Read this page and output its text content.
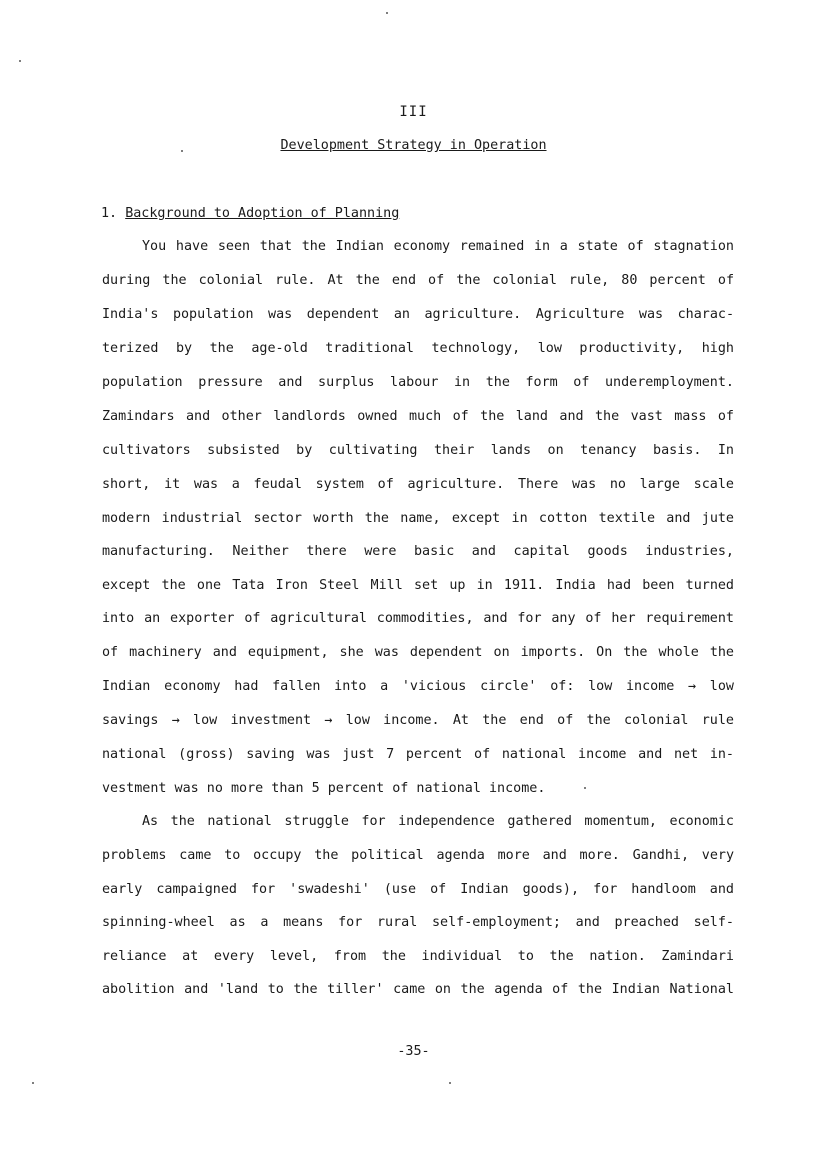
III
Development Strategy in Operation
1. Background to Adoption of Planning
You have seen that the Indian economy remained in a state of stagnation
during the colonial rule. At the end of the colonial rule, 80 percent of
India's population was dependent an agriculture. Agriculture was charac-
terized by the age-old traditional technology, low productivity, high
population pressure and surplus labour in the form of underemployment.
Zamindars and other landlords owned much of the land and the vast mass of
cultivators subsisted by cultivating their lands on tenancy basis. In
short, it was a feudal system of agriculture. There was no large scale
modern industrial sector worth the name, except in cotton textile and jute
manufacturing. Neither there were basic and capital goods industries,
except the one Tata Iron Steel Mill set up in 1911. India had been turned
into an exporter of agricultural commodities, and for any of her requirement
of machinery and equipment, she was dependent on imports. On the whole the
Indian economy had fallen into a 'vicious circle' of: low income → low
savings → low investment → low income. At the end of the colonial rule
national (gross) saving was just 7 percent of national income and net in-
vestment was no more than 5 percent of national income.
As the national struggle for independence gathered momentum, economic
problems came to occupy the political agenda more and more. Gandhi, very
early campaigned for 'swadeshi' (use of Indian goods), for handloom and
spinning-wheel as a means for rural self-employment; and preached self-
reliance at every level, from the individual to the nation. Zamindari
abolition and 'land to the tiller' came on the agenda of the Indian National
-35-
